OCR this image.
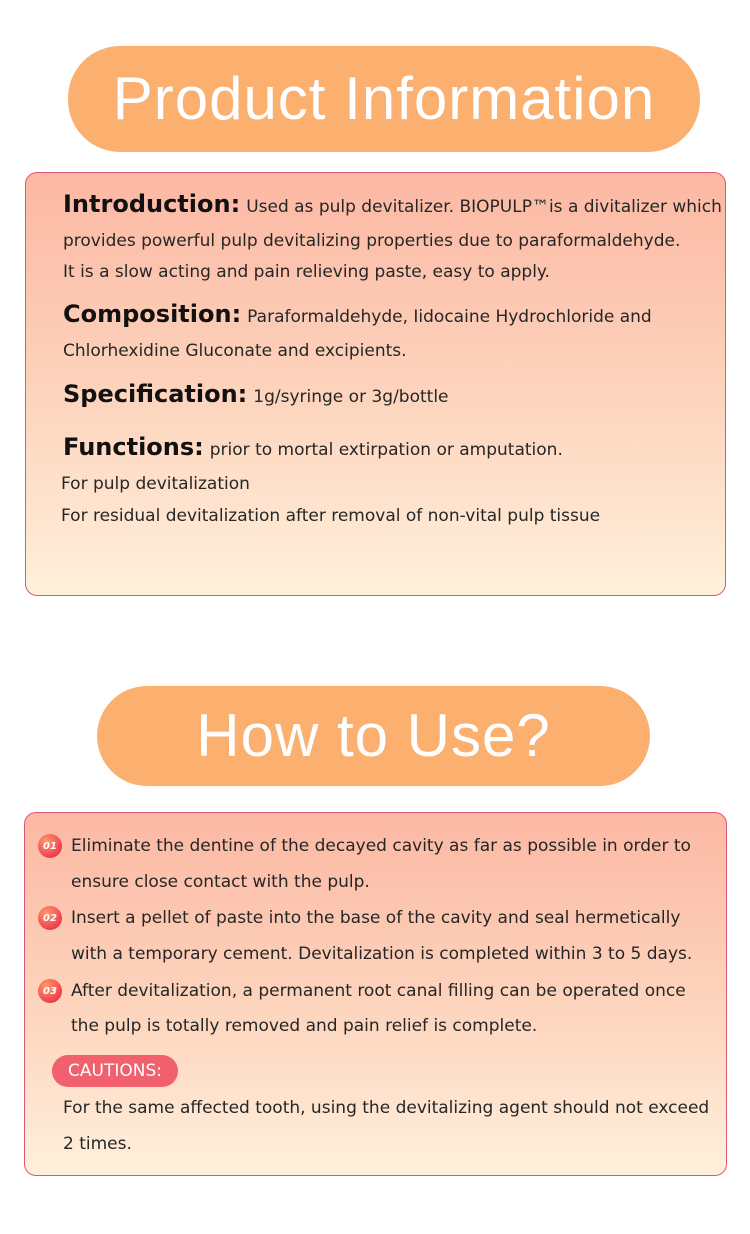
Product Information
Introduction: Used as pulp devitalizer. BIOPULP™is a divitalizer which
provides powerful pulp devitalizing properties due to paraformaldehyde.
It is a slow acting and pain relieving paste, easy to apply.
Composition: Paraformaldehyde, Iidocaine Hydrochloride and
Chlorhexidine Gluconate and excipients.
Specification: 1g/syringe or 3g/bottle
Functions: prior to mortal extirpation or amputation.
For pulp devitalization
For residual devitalization after removal of non-vital pulp tissue
How to Use?
01 Eliminate the dentine of the decayed cavity as far as possible in order to
ensure close contact with the pulp.
02 Insert a pellet of paste into the base of the cavity and seal hermetically
with a temporary cement. Devitalization is completed within 3 to 5 days.
03 After devitalization, a permanent root canal filling can be operated once
the pulp is totally removed and pain relief is complete.
CAUTIONS:
For the same affected tooth, using the devitalizing agent should not exceed
2 times.
